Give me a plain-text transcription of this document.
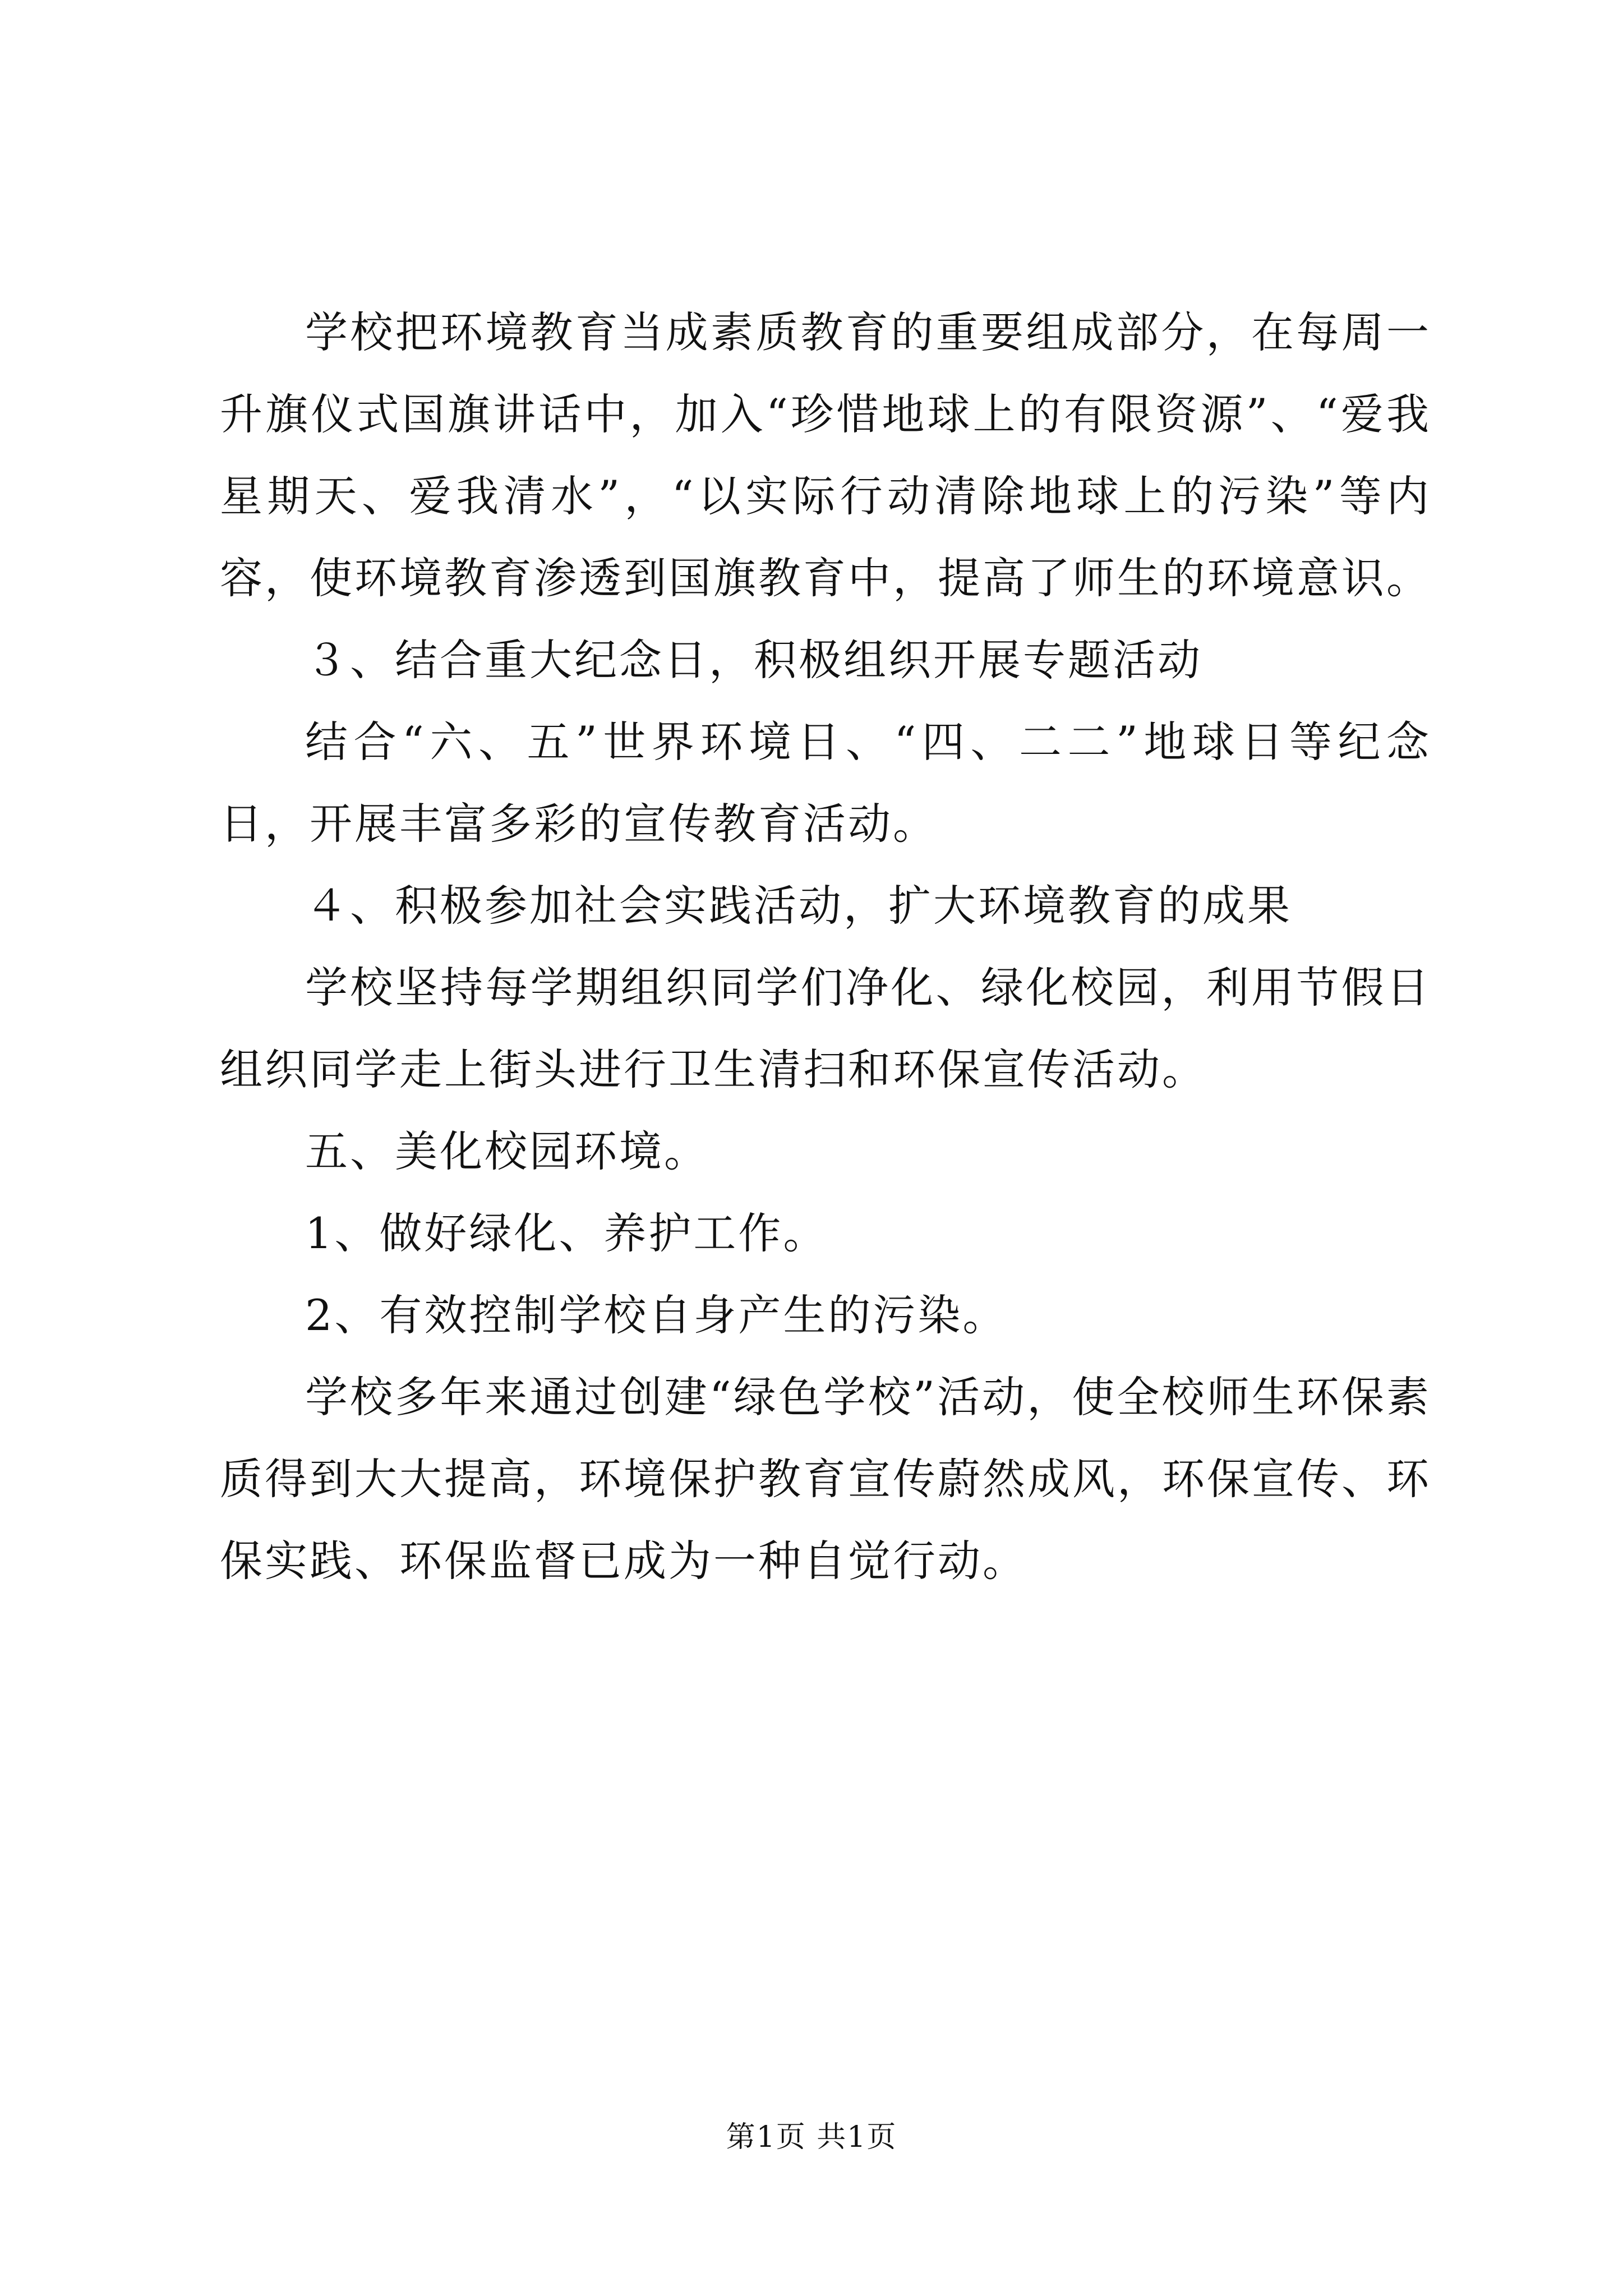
学校把环境教育当成素质教育的重要组成部分，在每周一升旗仪式国旗讲话中，加入“珍惜地球上的有限资源”、“爱我星期天、爱我清水”，“以实际行动清除地球上的污染”等内容，使环境教育渗透到国旗教育中，提高了师生的环境意识。

３、结合重大纪念日，积极组织开展专题活动

结合“六、五”世界环境日、“四、二二”地球日等纪念日，开展丰富多彩的宣传教育活动。

４、积极参加社会实践活动，扩大环境教育的成果

学校坚持每学期组织同学们净化、绿化校园，利用节假日组织同学走上街头进行卫生清扫和环保宣传活动。

五、美化校园环境。

1、做好绿化、养护工作。

2、有效控制学校自身产生的污染。

学校多年来通过创建“绿色学校”活动，使全校师生环保素质得到大大提高，环境保护教育宣传蔚然成风，环保宣传、环保实践、环保监督已成为一种自觉行动。

第1页 共1页
